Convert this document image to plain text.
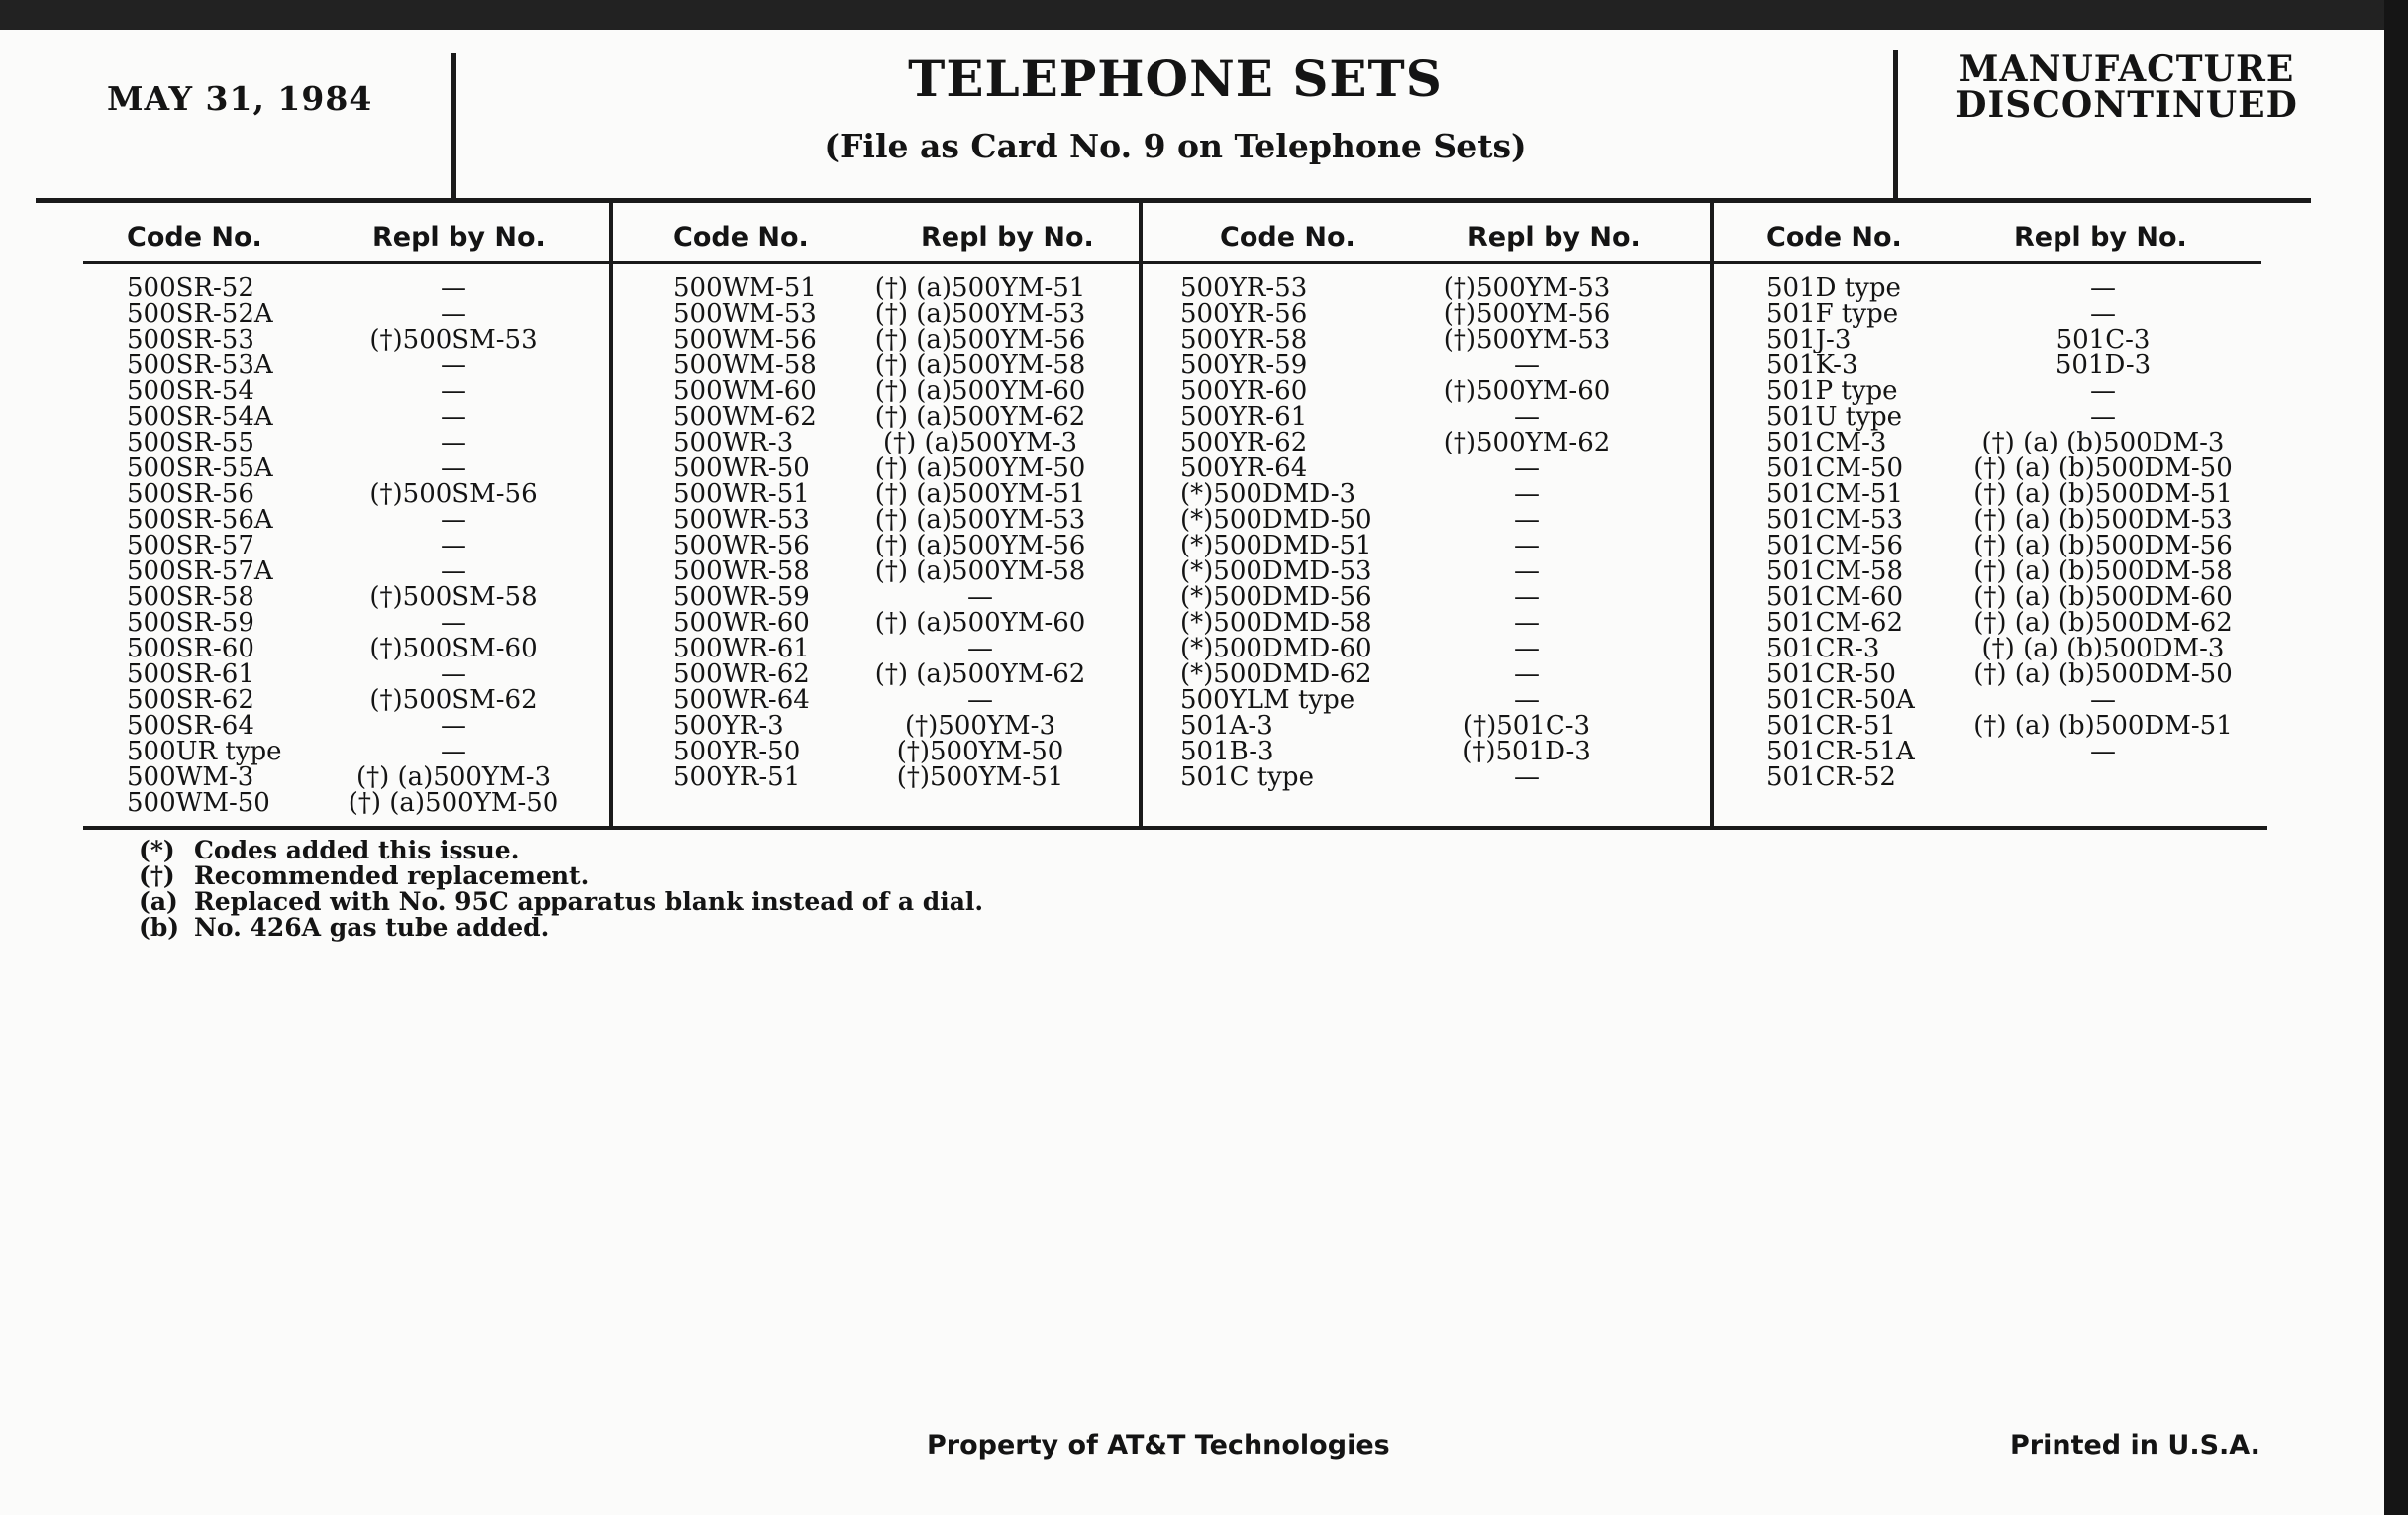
MAY 31, 1984	TELEPHONE SETS
(File as Card No. 9 on Telephone Sets)
MANUFACTURE
DISCONTINUED
Code No.	Repl by No.	Code No.	Repl by No.	Code No.	Repl by No.	Code No.	Repl by No.
500SR-52	—
500SR-52A	—
500SR-53	(†)500SM-53
500SR-53A	—
500SR-54	—
500SR-54A	—
500SR-55	—
500SR-55A	—
500SR-56	(†)500SM-56
500SR-56A	—
500SR-57	—
500SR-57A	—
500SR-58	(†)500SM-58
500SR-59	—
500SR-60	(†)500SM-60
500SR-61	—
500SR-62	(†)500SM-62
500SR-64	—
500UR type	—
500WM-3	(†) (a)500YM-3
500WM-50	(†) (a)500YM-50
500WM-51	(†) (a)500YM-51
500WM-53	(†) (a)500YM-53
500WM-56	(†) (a)500YM-56
500WM-58	(†) (a)500YM-58
500WM-60	(†) (a)500YM-60
500WM-62	(†) (a)500YM-62
500WR-3	(†) (a)500YM-3
500WR-50	(†) (a)500YM-50
500WR-51	(†) (a)500YM-51
500WR-53	(†) (a)500YM-53
500WR-56	(†) (a)500YM-56
500WR-58	(†) (a)500YM-58
500WR-59	—
500WR-60	(†) (a)500YM-60
500WR-61	—
500WR-62	(†) (a)500YM-62
500WR-64	—
500YR-3	(†)500YM-3
500YR-50	(†)500YM-50
500YR-51	(†)500YM-51
500YR-53	(†)500YM-53
500YR-56	(†)500YM-56
500YR-58	(†)500YM-53
500YR-59	—
500YR-60	(†)500YM-60
500YR-61	—
500YR-62	(†)500YM-62
500YR-64	—
(*)500DMD-3	—
(*)500DMD-50	—
(*)500DMD-51	—
(*)500DMD-53	—
(*)500DMD-56	—
(*)500DMD-58	—
(*)500DMD-60	—
(*)500DMD-62	—
500YLM type	—
501A-3	(†)501C-3
501B-3	(†)501D-3
501C type	—
501D type	—
501F type	—
501J-3	501C-3
501K-3	501D-3
501P type	—
501U type	—
501CM-3	(†) (a) (b)500DM-3
501CM-50	(†) (a) (b)500DM-50
501CM-51	(†) (a) (b)500DM-51
501CM-53	(†) (a) (b)500DM-53
501CM-56	(†) (a) (b)500DM-56
501CM-58	(†) (a) (b)500DM-58
501CM-60	(†) (a) (b)500DM-60
501CM-62	(†) (a) (b)500DM-62
501CR-3	(†) (a) (b)500DM-3
501CR-50	(†) (a) (b)500DM-50
501CR-50A	—
501CR-51	(†) (a) (b)500DM-51
501CR-51A	—
501CR-52
(*) Codes added this issue.
(†) Recommended replacement.
(a) Replaced with No. 95C apparatus blank instead of a dial.
(b) No. 426A gas tube added.
Property of AT&T Technologies	Printed in U.S.A.
